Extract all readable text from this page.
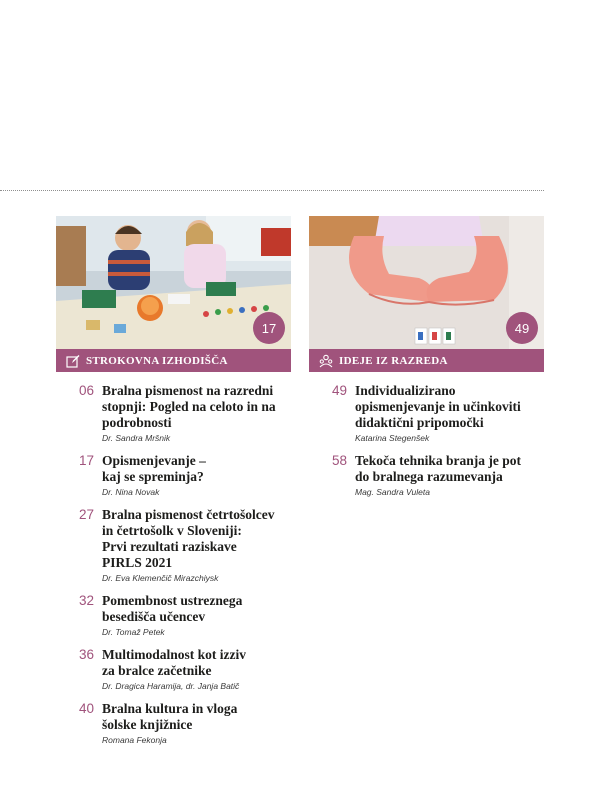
17
STROKOVNA IZHODIŠČA
06 Bralna pismenost na razredni
stopnji: Pogled na celoto in na
podrobnosti
Dr. Sandra Mršnik
17 Opismenjevanje –
kaj se spreminja?
Dr. Nina Novak
27 Bralna pismenost četrtošolcev
in četrtošolk v Sloveniji:
Prvi rezultati raziskave
PIRLS 2021
Dr. Eva Klemenčič Mirazchiysk
32 Pomembnost ustreznega
besedišča učencev
Dr. Tomaž Petek
36 Multimodalnost kot izziv
za bralce začetnike
Dr. Dragica Haramija, dr. Janja Batič
40 Bralna kultura in vloga
šolske knjižnice
Romana Fekonja
49
IDEJE IZ RAZREDA
49 Individualizirano
opismenjevanje in učinkoviti
didaktični pripomočki
Katarina Stegenšek
58 Tekoča tehnika branja je pot
do bralnega razumevanja
Mag. Sandra Vuleta
